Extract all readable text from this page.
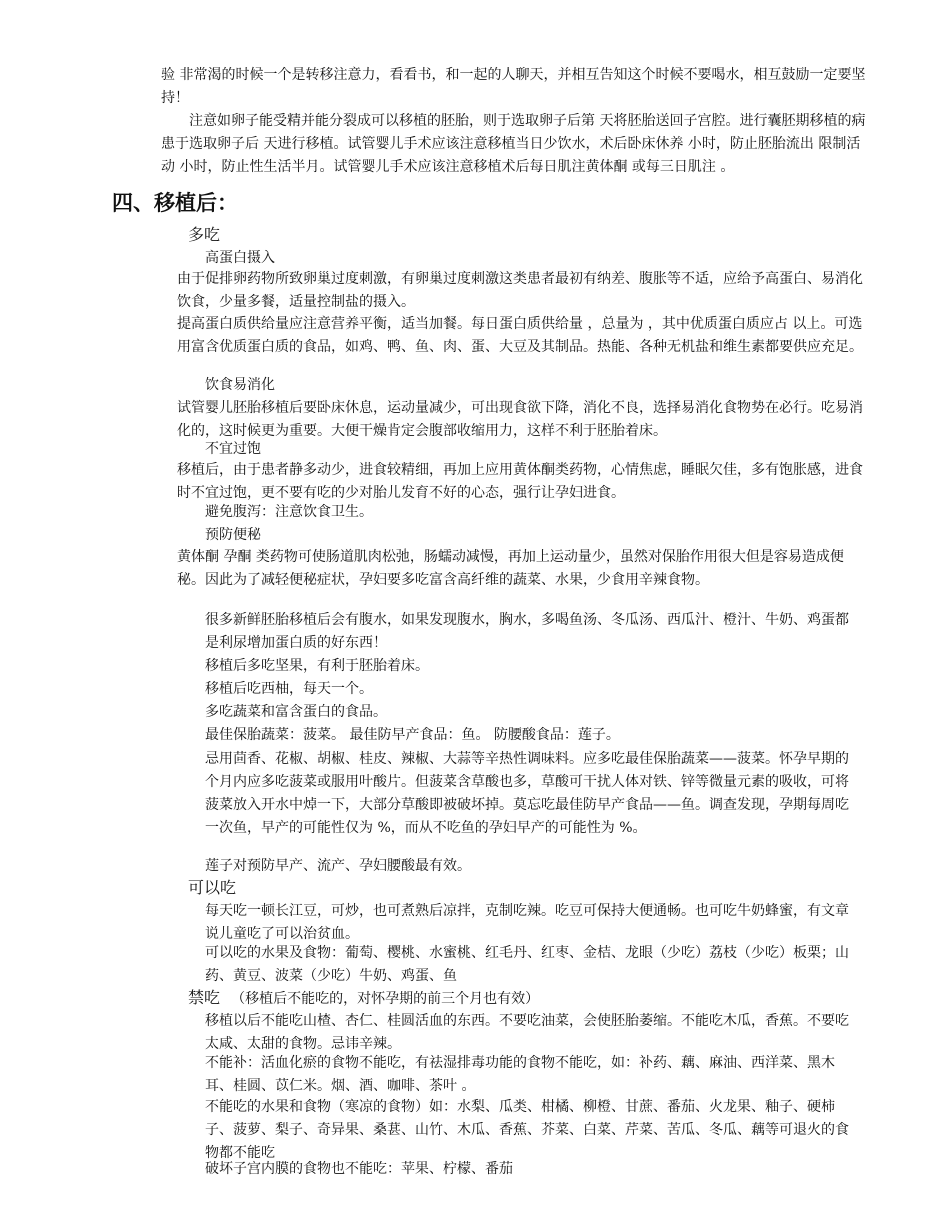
验 非常渴的时候一个是转移注意力，看看书，和一起的人聊天，并相互告知这个时候不要喝水，相互鼓励一定要坚持！
注意如卵子能受精并能分裂成可以移植的胚胎，则于选取卵子后第 天将胚胎送回子宫腔。进行囊胚期移植的病患于选取卵子后 天进行移植。试管婴儿手术应该注意移植当日少饮水，术后卧床休养 小时，防止胚胎流出 限制活动 小时，防止性生活半月。试管婴儿手术应该注意移植术后每日肌注黄体酮 或每三日肌注 。
四、移植后：
多吃
高蛋白摄入
由于促排卵药物所致卵巢过度刺激，有卵巢过度刺激这类患者最初有纳差、腹胀等不适，应给予高蛋白、易消化饮食，少量多餐，适量控制盐的摄入。
提高蛋白质供给量应注意营养平衡，适当加餐。每日蛋白质供给量 ，总量为 ，其中优质蛋白质应占 以上。可选用富含优质蛋白质的食品，如鸡、鸭、鱼、肉、蛋、大豆及其制品。热能、各种无机盐和维生素都要供应充足。
饮食易消化
试管婴儿胚胎移植后要卧床休息，运动量减少，可出现食欲下降，消化不良，选择易消化食物势在必行。吃易消化的，这时候更为重要。大便干燥肯定会腹部收缩用力，这样不利于胚胎着床。
不宜过饱
移植后，由于患者静多动少，进食较精细，再加上应用黄体酮类药物，心情焦虑，睡眠欠佳，多有饱胀感，进食时不宜过饱，更不要有吃的少对胎儿发育不好的心态，强行让孕妇进食。
避免腹泻：注意饮食卫生。
预防便秘
黄体酮 孕酮 类药物可使肠道肌肉松弛，肠蠕动减慢，再加上运动量少，虽然对保胎作用很大但是容易造成便秘。因此为了减轻便秘症状，孕妇要多吃富含高纤维的蔬菜、水果，少食用辛辣食物。
很多新鲜胚胎移植后会有腹水，如果发现腹水，胸水，多喝鱼汤、冬瓜汤、西瓜汁、橙汁、牛奶、鸡蛋都是利尿增加蛋白质的好东西！
移植后多吃坚果，有利于胚胎着床。
移植后吃西柚，每天一个。
多吃蔬菜和富含蛋白的食品。
最佳保胎蔬菜：菠菜。 最佳防早产食品：鱼。 防腰酸食品：莲子。
忌用茴香、花椒、胡椒、桂皮、辣椒、大蒜等辛热性调味料。应多吃最佳保胎蔬菜——菠菜。怀孕早期的 个月内应多吃菠菜或服用叶酸片。但菠菜含草酸也多，草酸可干扰人体对铁、锌等微量元素的吸收，可将菠菜放入开水中焯一下，大部分草酸即被破坏掉。莫忘吃最佳防早产食品——鱼。调查发现，孕期每周吃一次鱼，早产的可能性仅为 %，而从不吃鱼的孕妇早产的可能性为 %。
莲子对预防早产、流产、孕妇腰酸最有效。
可以吃
每天吃一顿长江豆，可炒，也可煮熟后凉拌，克制吃辣。吃豆可保持大便通畅。也可吃牛奶蜂蜜，有文章说儿童吃了可以治贫血。
可以吃的水果及食物：葡萄、樱桃、水蜜桃、红毛丹、红枣、金桔、龙眼（少吃）荔枝（少吃）板栗；山药、黄豆、波菜（少吃）牛奶、鸡蛋、鱼
禁吃 （移植后不能吃的，对怀孕期的前三个月也有效）
移植以后不能吃山楂、杏仁、桂圆活血的东西。不要吃油菜，会使胚胎萎缩。不能吃木瓜，香蕉。不要吃太咸、太甜的食物。忌讳辛辣。
不能补：活血化瘀的食物不能吃，有祛湿排毒功能的食物不能吃，如：补药、藕、麻油、西洋菜、黑木耳、桂圆、苡仁米。烟、酒、咖啡、茶叶 。
不能吃的水果和食物（寒凉的食物）如：水梨、瓜类、柑橘、柳橙、甘蔗、番茄、火龙果、釉子、硬柿子、菠萝、梨子、奇异果、桑葚、山竹、木瓜、香蕉、芥菜、白菜、芹菜、苦瓜、冬瓜、藕等可退火的食物都不能吃
破坏子宫内膜的食物也不能吃：苹果、柠檬、番茄
